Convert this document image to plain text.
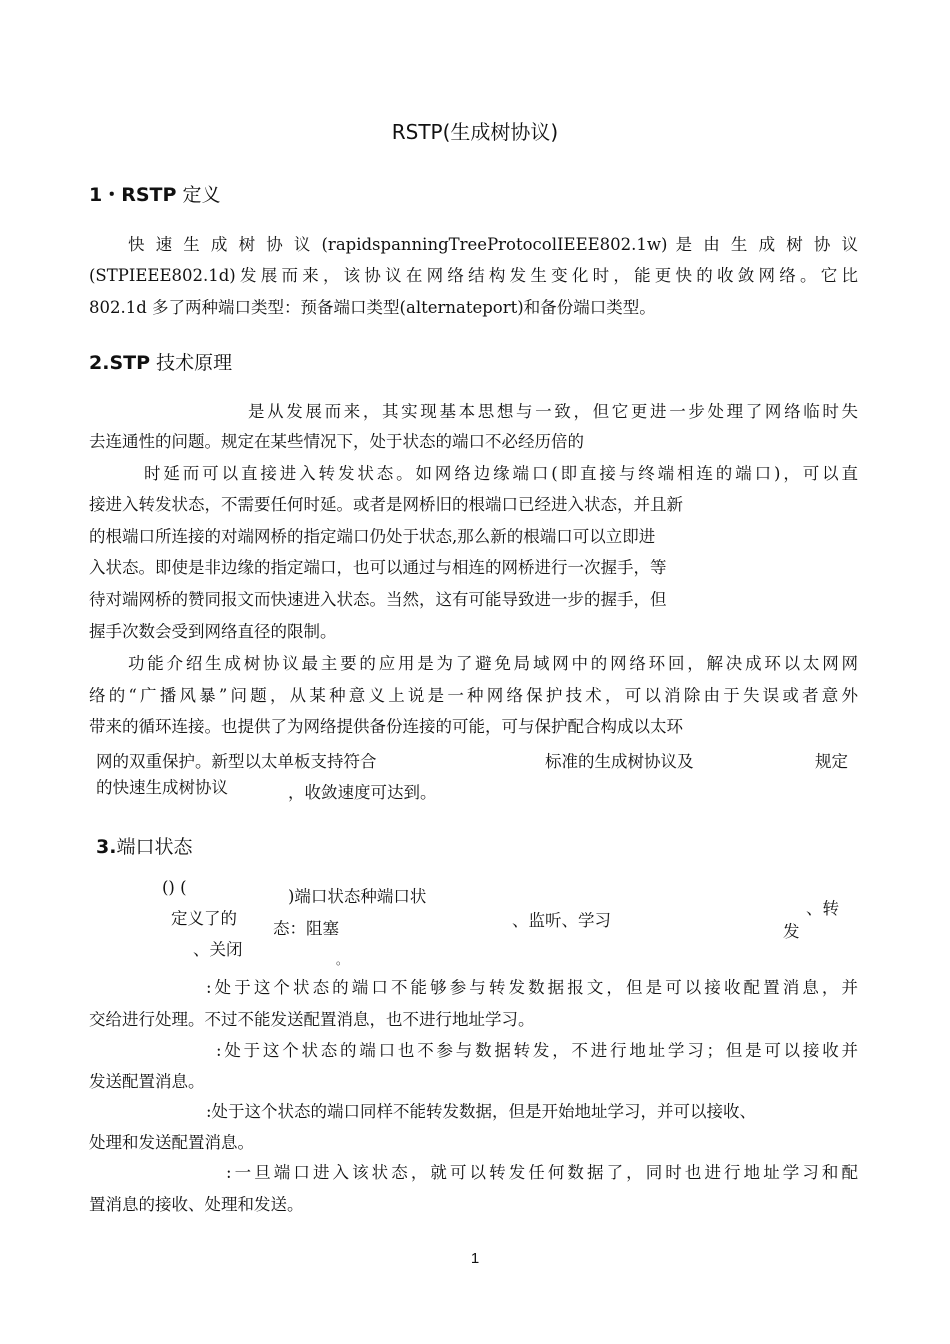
RSTP(生成树协议)
1・RSTP 定义
快 速 生 成 树 协 议 (rapidspanningTreeProtocolIEEE802.1w) 是 由 生 成 树 协 议
(STPIEEE802.1d)发展而来，该协议在网络结构发生变化时，能更快的收敛网络。它比
802.1d 多了两种端口类型：预备端口类型(alternateport)和备份端口类型。
2.STP 技术原理
是从发展而来，其实现基本思想与一致，但它更进一步处理了网络临时失
去连通性的问题。规定在某些情况下，处于状态的端口不必经历倍的
时延而可以直接进入转发状态。如网络边缘端口(即直接与终端相连的端口)，可以直
接进入转发状态，不需要任何时延。或者是网桥旧的根端口已经进入状态，并且新
的根端口所连接的对端网桥的指定端口仍处于状态,那么新的根端口可以立即进
入状态。即使是非边缘的指定端口，也可以通过与相连的网桥进行一次握手，等
待对端网桥的赞同报文而快速进入状态。当然，这有可能导致进一步的握手，但
握手次数会受到网络直径的限制。
功能介绍生成树协议最主要的应用是为了避免局域网中的网络环回，解决成环以太网网
络的“广播风暴”问题，从某种意义上说是一种网络保护技术，可以消除由于失误或者意外
带来的循环连接。也提供了为网络提供备份连接的可能，可与保护配合构成以太环
网的双重保护。新型以太单板支持符合	标准的生成树协议及	规定
的快速生成树协议	，收敛速度可达到。
3.端口状态
() (
定义了的
、关闭
)端口状态种端口状
态：阻塞
。
、监听、学习
、转
发
:处于这个状态的端口不能够参与转发数据报文，但是可以接收配置消息，并
交给进行处理。不过不能发送配置消息，也不进行地址学习。
:处于这个状态的端口也不参与数据转发，不进行地址学习；但是可以接收并
发送配置消息。
:处于这个状态的端口同样不能转发数据，但是开始地址学习，并可以接收、
处理和发送配置消息。
:一旦端口进入该状态，就可以转发任何数据了，同时也进行地址学习和配
置消息的接收、处理和发送。
1
